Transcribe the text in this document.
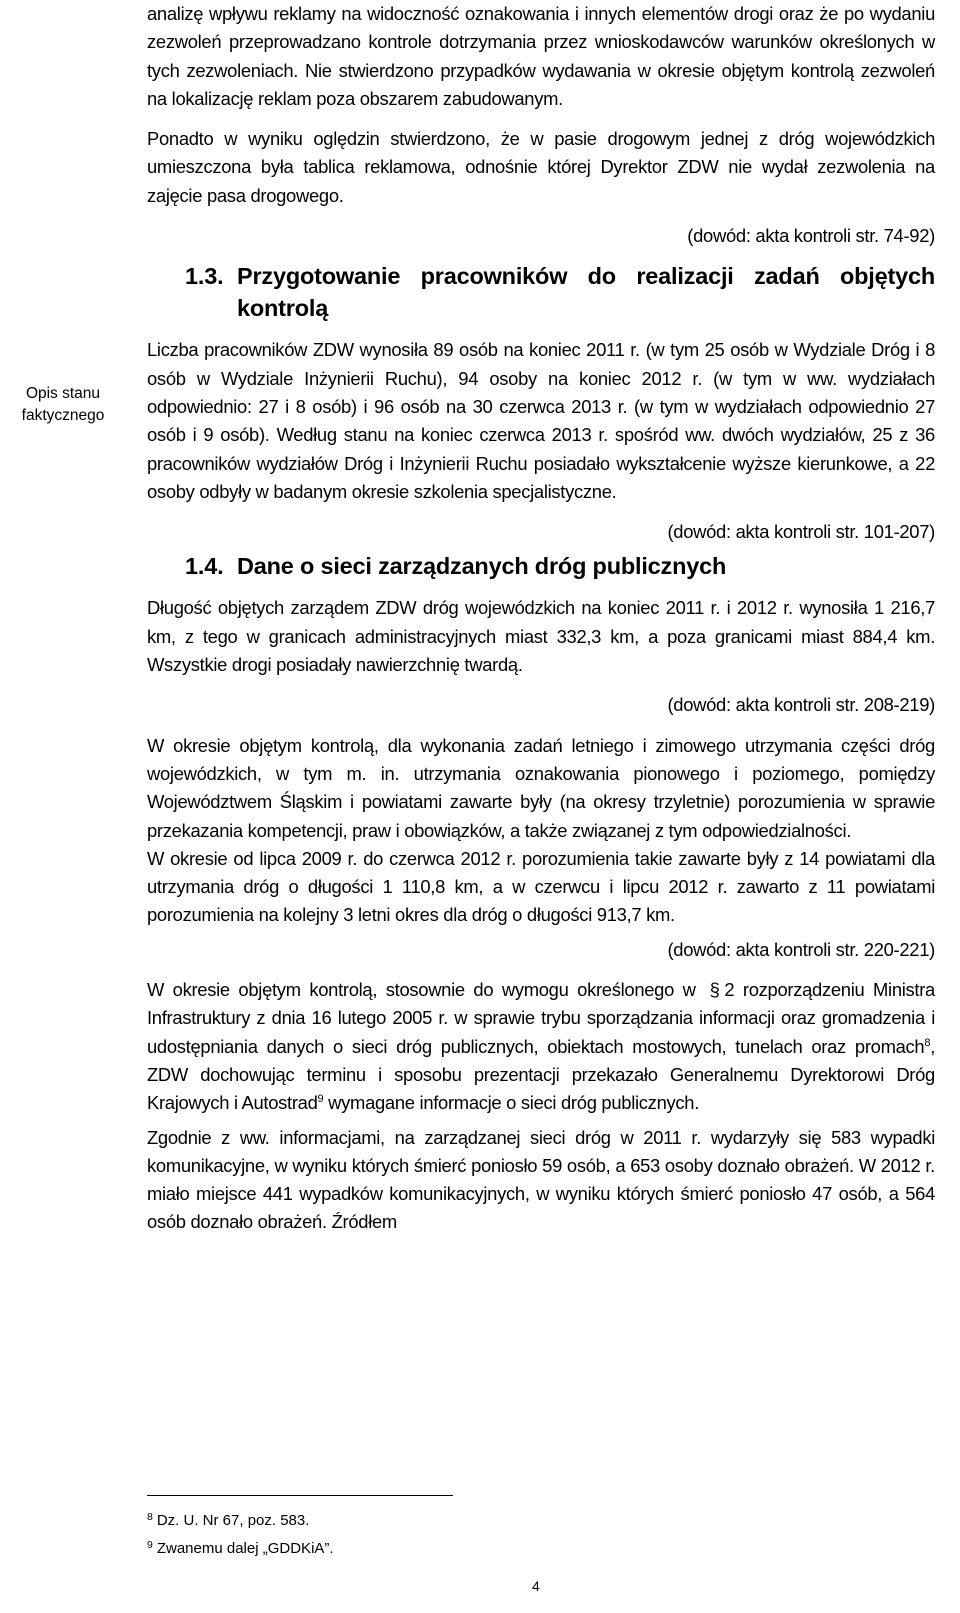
Opis stanu
faktycznego

analizę wpływu reklamy na widoczność oznakowania i innych elementów drogi oraz że po wydaniu zezwoleń przeprowadzano kontrole dotrzymania przez wnioskodawców warunków określonych w tych zezwoleniach. Nie stwierdzono przypadków wydawania w okresie objętym kontrolą zezwoleń na lokalizację reklam poza obszarem zabudowanym.

Ponadto w wyniku oględzin stwierdzono, że w pasie drogowym jednej z dróg wojewódzkich umieszczona była tablica reklamowa, odnośnie której Dyrektor ZDW nie wydał zezwolenia na zajęcie pasa drogowego.

(dowód: akta kontroli str. 74-92)

1.3. Przygotowanie pracowników do realizacji zadań objętych kontrolą

Liczba pracowników ZDW wynosiła 89 osób na koniec 2011 r. (w tym 25 osób w Wydziale Dróg i 8 osób w Wydziale Inżynierii Ruchu), 94 osoby na koniec 2012 r. (w tym w ww. wydziałach odpowiednio: 27 i 8 osób) i 96 osób na 30 czerwca 2013 r. (w tym w wydziałach odpowiednio 27 osób i 9 osób). Według stanu na koniec czerwca 2013 r. spośród ww. dwóch wydziałów, 25 z 36 pracowników wydziałów Dróg i Inżynierii Ruchu posiadało wykształcenie wyższe kierunkowe, a 22 osoby odbyły w badanym okresie szkolenia specjalistyczne.

(dowód: akta kontroli str. 101-207)

1.4. Dane o sieci zarządzanych dróg publicznych

Długość objętych zarządem ZDW dróg wojewódzkich na koniec 2011 r. i 2012 r. wynosiła 1 216,7 km, z tego w granicach administracyjnych miast 332,3 km, a poza granicami miast 884,4 km. Wszystkie drogi posiadały nawierzchnię twardą.

(dowód: akta kontroli str. 208-219)

W okresie objętym kontrolą, dla wykonania zadań letniego i zimowego utrzymania części dróg wojewódzkich, w tym m. in. utrzymania oznakowania pionowego i poziomego, pomiędzy Województwem Śląskim i powiatami zawarte były (na okresy trzyletnie) porozumienia w sprawie przekazania kompetencji, praw i obowiązków, a także związanej z tym odpowiedzialności.

W okresie od lipca 2009 r. do czerwca 2012 r. porozumienia takie zawarte były z 14 powiatami dla utrzymania dróg o długości 1 110,8 km, a w czerwcu i lipcu 2012 r. zawarto z 11 powiatami porozumienia na kolejny 3 letni okres dla dróg o długości 913,7 km.

(dowód: akta kontroli str. 220-221)

W okresie objętym kontrolą, stosownie do wymogu określonego w § 2 rozporządzeniu Ministra Infrastruktury z dnia 16 lutego 2005 r. w sprawie trybu sporządzania informacji oraz gromadzenia i udostępniania danych o sieci dróg publicznych, obiektach mostowych, tunelach oraz promach$^8$, ZDW dochowując terminu i sposobu prezentacji przekazało Generalnemu Dyrektorowi Dróg Krajowych i Autostrad$^9$ wymagane informacje o sieci dróg publicznych.

Zgodnie z ww. informacjami, na zarządzanej sieci dróg w 2011 r. wydarzyły się 583 wypadki komunikacyjne, w wyniku których śmierć poniosło 59 osób, a 653 osoby doznało obrażeń. W 2012 r. miało miejsce 441 wypadków komunikacyjnych, w wyniku których śmierć poniosło 47 osób, a 564 osób doznało obrażeń. Źródłem

$^8$ Dz. U. Nr 67, poz. 583.
$^9$ Zwanemu dalej „GDDKiA”.
4
